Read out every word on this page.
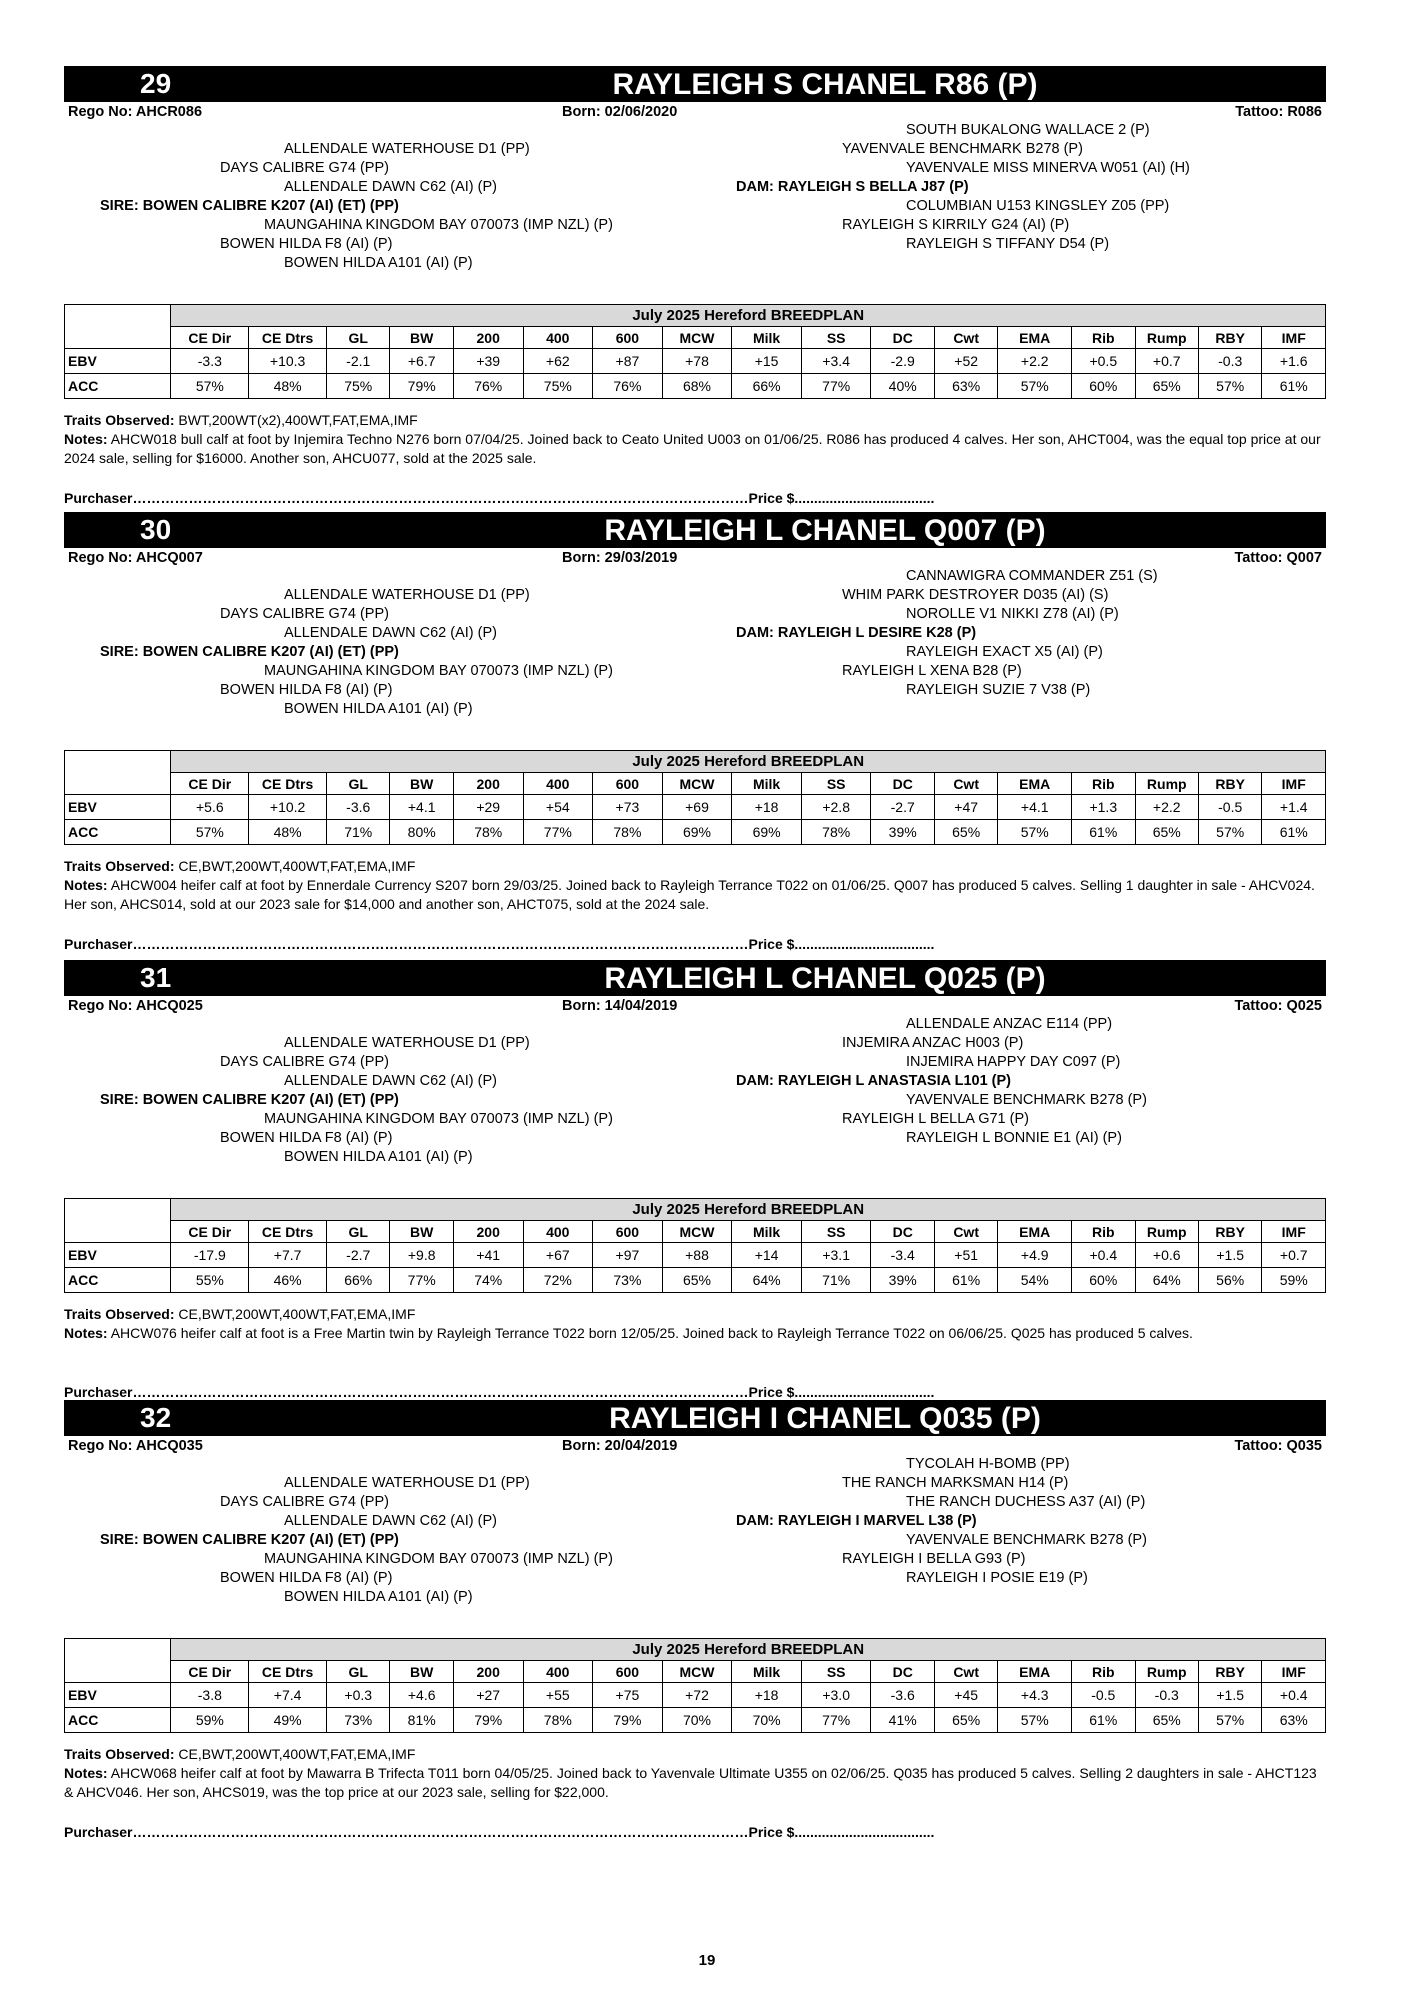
29	RAYLEIGH S CHANEL R86 (P)
Rego No: AHCR086	Born: 02/06/2020	Tattoo: R086
ALLENDALE WATERHOUSE D1 (PP)
DAYS CALIBRE G74 (PP)
ALLENDALE DAWN C62 (AI) (P)
SIRE: BOWEN CALIBRE K207 (AI) (ET) (PP)
MAUNGAHINA KINGDOM BAY 070073 (IMP NZL) (P)
BOWEN HILDA F8 (AI) (P)
BOWEN HILDA A101 (AI) (P)
SOUTH BUKALONG WALLACE 2 (P)
YAVENVALE BENCHMARK B278 (P)
YAVENVALE MISS MINERVA W051 (AI) (H)
DAM: RAYLEIGH S BELLA J87 (P)
COLUMBIAN U153 KINGSLEY Z05 (PP)
RAYLEIGH S KIRRILY G24 (AI) (P)
RAYLEIGH S TIFFANY D54 (P)
	July 2025 Hereford BREEDPLAN																
	CE Dir	CE Dtrs	GL	BW	200	400	600	MCW	Milk	SS	DC	Cwt	EMA	Rib	Rump	RBY	IMF
EBV	-3.3	+10.3	-2.1	+6.7	+39	+62	+87	+78	+15	+3.4	-2.9	+52	+2.2	+0.5	+0.7	-0.3	+1.6
ACC	57%	48%	75%	79%	76%	75%	76%	68%	66%	77%	40%	63%	57%	60%	65%	57%	61%
Traits Observed: BWT,200WT(x2),400WT,FAT,EMA,IMF
Notes: AHCW018 bull calf at foot by Injemira Techno N276 born 07/04/25. Joined back to Ceato United U003 on 01/06/25. R086 has produced 4 calves. Her son, AHCT004, was the equal top price at our 2024 sale, selling for $16000. Another son, AHCU077, sold at the 2025 sale.
Purchaser……………………………………………………………………………………………………………………Price $....................................
30	RAYLEIGH L CHANEL Q007 (P)
Rego No: AHCQ007	Born: 29/03/2019	Tattoo: Q007
ALLENDALE WATERHOUSE D1 (PP)
DAYS CALIBRE G74 (PP)
ALLENDALE DAWN C62 (AI) (P)
SIRE: BOWEN CALIBRE K207 (AI) (ET) (PP)
MAUNGAHINA KINGDOM BAY 070073 (IMP NZL) (P)
BOWEN HILDA F8 (AI) (P)
BOWEN HILDA A101 (AI) (P)
CANNAWIGRA COMMANDER Z51 (S)
WHIM PARK DESTROYER D035 (AI) (S)
NOROLLE V1 NIKKI Z78 (AI) (P)
DAM: RAYLEIGH L DESIRE K28 (P)
RAYLEIGH EXACT X5 (AI) (P)
RAYLEIGH L XENA B28 (P)
RAYLEIGH SUZIE 7 V38 (P)
	July 2025 Hereford BREEDPLAN																
	CE Dir	CE Dtrs	GL	BW	200	400	600	MCW	Milk	SS	DC	Cwt	EMA	Rib	Rump	RBY	IMF
EBV	+5.6	+10.2	-3.6	+4.1	+29	+54	+73	+69	+18	+2.8	-2.7	+47	+4.1	+1.3	+2.2	-0.5	+1.4
ACC	57%	48%	71%	80%	78%	77%	78%	69%	69%	78%	39%	65%	57%	61%	65%	57%	61%
Traits Observed: CE,BWT,200WT,400WT,FAT,EMA,IMF
Notes: AHCW004 heifer calf at foot by Ennerdale Currency S207 born 29/03/25. Joined back to Rayleigh Terrance T022 on 01/06/25. Q007 has produced 5 calves. Selling 1 daughter in sale - AHCV024. Her son, AHCS014, sold at our 2023 sale for $14,000 and another son, AHCT075, sold at the 2024 sale.
Purchaser……………………………………………………………………………………………………………………Price $....................................
31	RAYLEIGH L CHANEL Q025 (P)
Rego No: AHCQ025	Born: 14/04/2019	Tattoo: Q025
ALLENDALE WATERHOUSE D1 (PP)
DAYS CALIBRE G74 (PP)
ALLENDALE DAWN C62 (AI) (P)
SIRE: BOWEN CALIBRE K207 (AI) (ET) (PP)
MAUNGAHINA KINGDOM BAY 070073 (IMP NZL) (P)
BOWEN HILDA F8 (AI) (P)
BOWEN HILDA A101 (AI) (P)
ALLENDALE ANZAC E114 (PP)
INJEMIRA ANZAC H003 (P)
INJEMIRA HAPPY DAY C097 (P)
DAM: RAYLEIGH L ANASTASIA L101 (P)
YAVENVALE BENCHMARK B278 (P)
RAYLEIGH L BELLA G71 (P)
RAYLEIGH L BONNIE E1 (AI) (P)
	July 2025 Hereford BREEDPLAN																
	CE Dir	CE Dtrs	GL	BW	200	400	600	MCW	Milk	SS	DC	Cwt	EMA	Rib	Rump	RBY	IMF
EBV	-17.9	+7.7	-2.7	+9.8	+41	+67	+97	+88	+14	+3.1	-3.4	+51	+4.9	+0.4	+0.6	+1.5	+0.7
ACC	55%	46%	66%	77%	74%	72%	73%	65%	64%	71%	39%	61%	54%	60%	64%	56%	59%
Traits Observed: CE,BWT,200WT,400WT,FAT,EMA,IMF
Notes: AHCW076 heifer calf at foot is a Free Martin twin by Rayleigh Terrance T022 born 12/05/25. Joined back to Rayleigh Terrance T022 on 06/06/25. Q025 has produced 5 calves.
Purchaser……………………………………………………………………………………………………………………Price $....................................
32	RAYLEIGH I CHANEL Q035 (P)
Rego No: AHCQ035	Born: 20/04/2019	Tattoo: Q035
ALLENDALE WATERHOUSE D1 (PP)
DAYS CALIBRE G74 (PP)
ALLENDALE DAWN C62 (AI) (P)
SIRE: BOWEN CALIBRE K207 (AI) (ET) (PP)
MAUNGAHINA KINGDOM BAY 070073 (IMP NZL) (P)
BOWEN HILDA F8 (AI) (P)
BOWEN HILDA A101 (AI) (P)
TYCOLAH H-BOMB (PP)
THE RANCH MARKSMAN H14 (P)
THE RANCH DUCHESS A37 (AI) (P)
DAM: RAYLEIGH I MARVEL L38 (P)
YAVENVALE BENCHMARK B278 (P)
RAYLEIGH I BELLA G93 (P)
RAYLEIGH I POSIE E19 (P)
	July 2025 Hereford BREEDPLAN																
	CE Dir	CE Dtrs	GL	BW	200	400	600	MCW	Milk	SS	DC	Cwt	EMA	Rib	Rump	RBY	IMF
EBV	-3.8	+7.4	+0.3	+4.6	+27	+55	+75	+72	+18	+3.0	-3.6	+45	+4.3	-0.5	-0.3	+1.5	+0.4
ACC	59%	49%	73%	81%	79%	78%	79%	70%	70%	77%	41%	65%	57%	61%	65%	57%	63%
Traits Observed: CE,BWT,200WT,400WT,FAT,EMA,IMF
Notes: AHCW068 heifer calf at foot by Mawarra B Trifecta T011 born 04/05/25. Joined back to Yavenvale Ultimate U355 on 02/06/25. Q035 has produced 5 calves. Selling 2 daughters in sale - AHCT123 & AHCV046. Her son, AHCS019, was the top price at our 2023 sale, selling for $22,000.
Purchaser……………………………………………………………………………………………………………………Price $....................................
19
